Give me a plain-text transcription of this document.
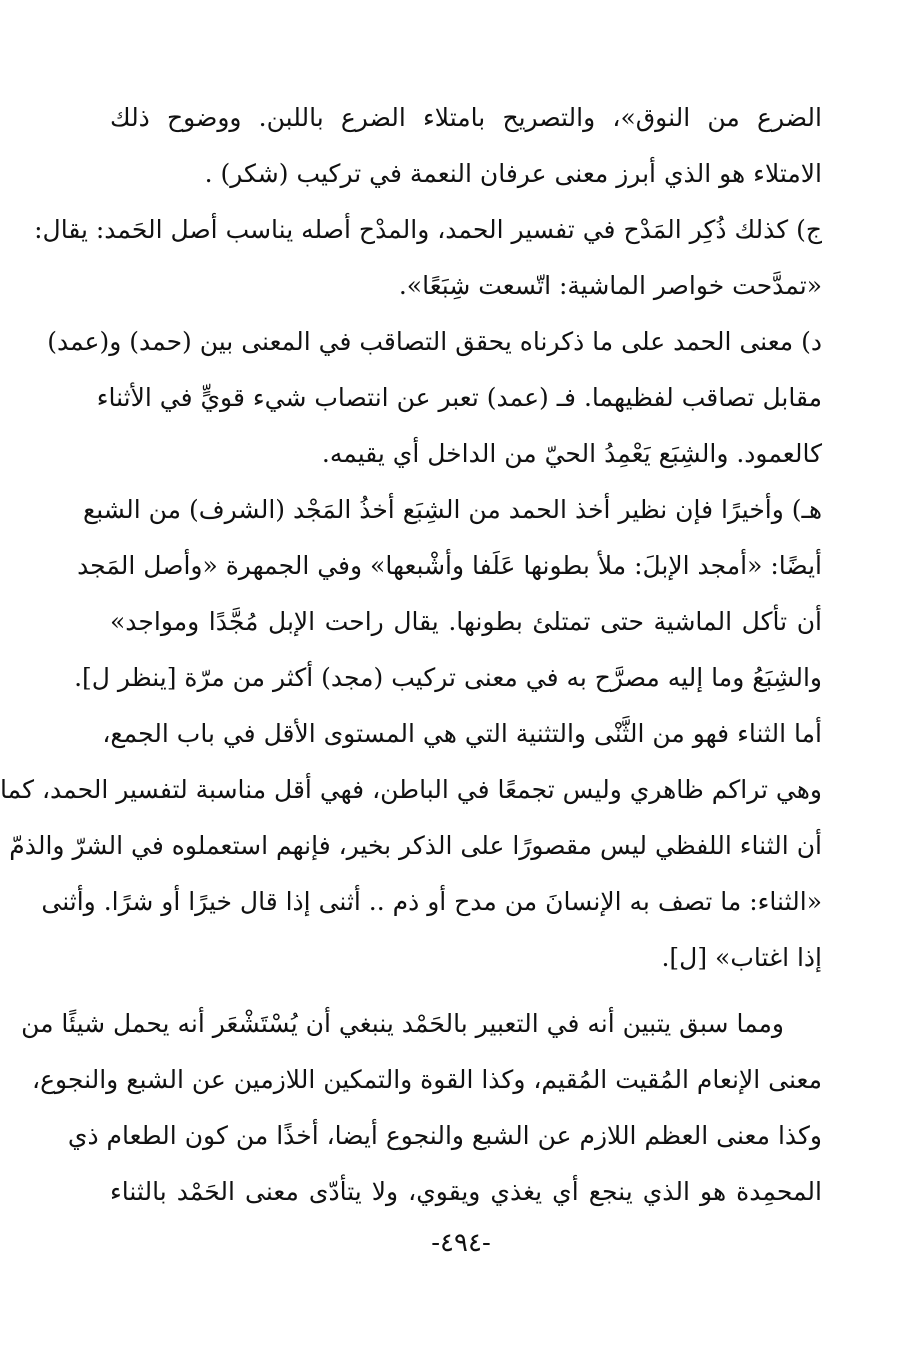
الضرع من النوق»، والتصريح بامتلاء الضرع باللبن. ووضوح ذلك
الامتلاء هو الذي أبرز معنى عرفان النعمة في تركيب (شكر) .
ج) كذلك ذُكِر المَدْح في تفسير الحمد، والمدْح أصله يناسب أصل الحَمد: يقال:
«تمدَّحت خواصر الماشية: اتّسعت شِبَعًا».
د) معنى الحمد على ما ذكرناه يحقق التصاقب في المعنى بين (حمد) و(عمد)
مقابل تصاقب لفظيهما. فـ (عمد) تعبر عن انتصاب شيء قويٍّ في الأثناء
كالعمود. والشِبَع يَعْمِدُ الحيّ من الداخل أي يقيمه.
هـ) وأخيرًا فإن نظير أخذ الحمد من الشِبَع أخذُ المَجْد (الشرف) من الشبع
أيضًا: «أمجد الإبلَ: ملأ بطونها عَلَفا وأشْبعها» وفي الجمهرة «وأصل المَجد
أن تأكل الماشية حتى تمتلئ بطونها. يقال راحت الإبل مُجَّدًا ومواجد»
والشِبَعُ وما إليه مصرَّح به في معنى تركيب (مجد) أكثر من مرّة [ينظر ل].
أما الثناء فهو من الثَّنْى والتثنية التي هي المستوى الأقل في باب الجمع،
وهي تراكم ظاهري وليس تجمعًا في الباطن، فهي أقل مناسبة لتفسير الحمد، كما
أن الثناء اللفظي ليس مقصورًا على الذكر بخير، فإنهم استعملوه في الشرّ والذمّ
«الثناء: ما تصف به الإنسانَ من مدح أو ذم .. أثنى إذا قال خيرًا أو شرًا. وأثنى
إذا اغتاب» [ل].
ومما سبق يتبين أنه في التعبير بالحَمْد ينبغي أن يُسْتَشْعَر أنه يحمل شيئًا من
معنى الإنعام المُقيت المُقيم، وكذا القوة والتمكين اللازمين عن الشبع والنجوع،
وكذا معنى العظم اللازم عن الشبع والنجوع أيضا، أخذًا من كون الطعام ذي
المحمِدة هو الذي ينجع أي يغذي ويقوي، ولا يتأدّى معنى الحَمْد بالثناء
-٤٩٤-
